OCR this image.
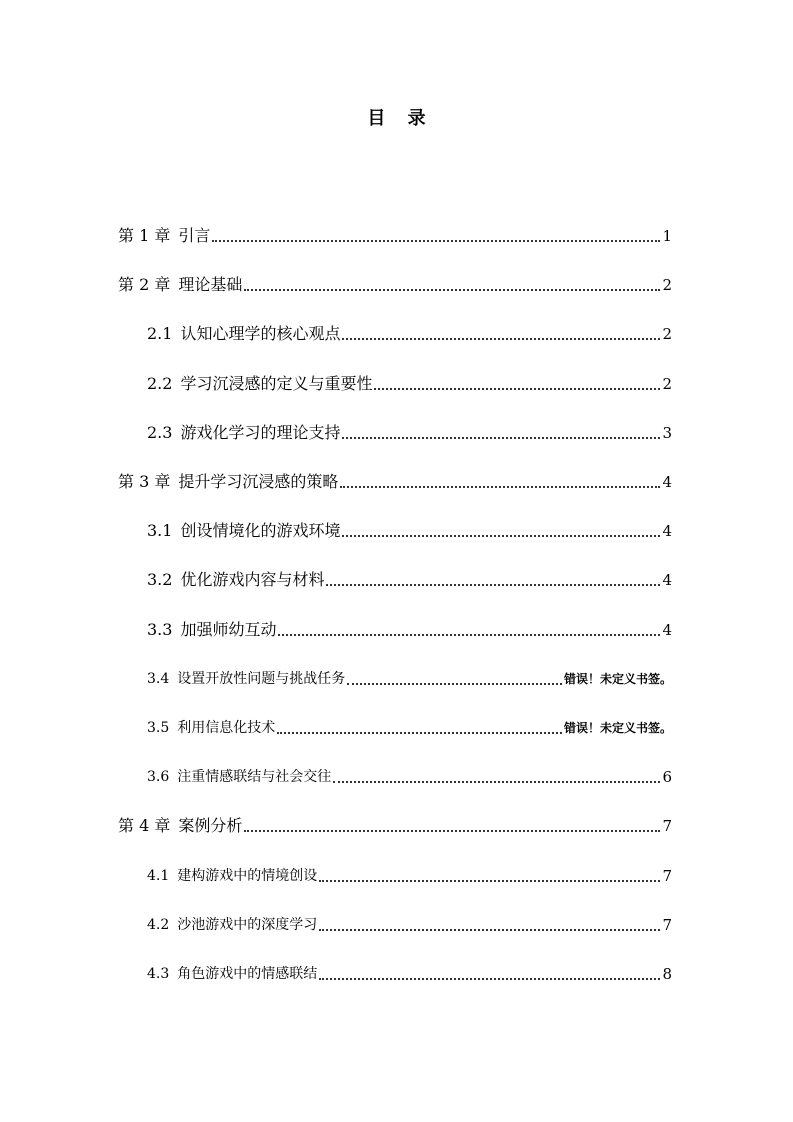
目 录
第 1 章 引言	1
第 2 章 理论基础	2
2.1 认知心理学的核心观点	2
2.2 学习沉浸感的定义与重要性	2
2.3 游戏化学习的理论支持	3
第 3 章 提升学习沉浸感的策略	4
3.1 创设情境化的游戏环境	4
3.2 优化游戏内容与材料	4
3.3 加强师幼互动	4
3.4 设置开放性问题与挑战任务	错误！未定义书签。
3.5 利用信息化技术	错误！未定义书签。
3.6 注重情感联结与社会交往	6
第 4 章 案例分析	7
4.1 建构游戏中的情境创设	7
4.2 沙池游戏中的深度学习	7
4.3 角色游戏中的情感联结	8
